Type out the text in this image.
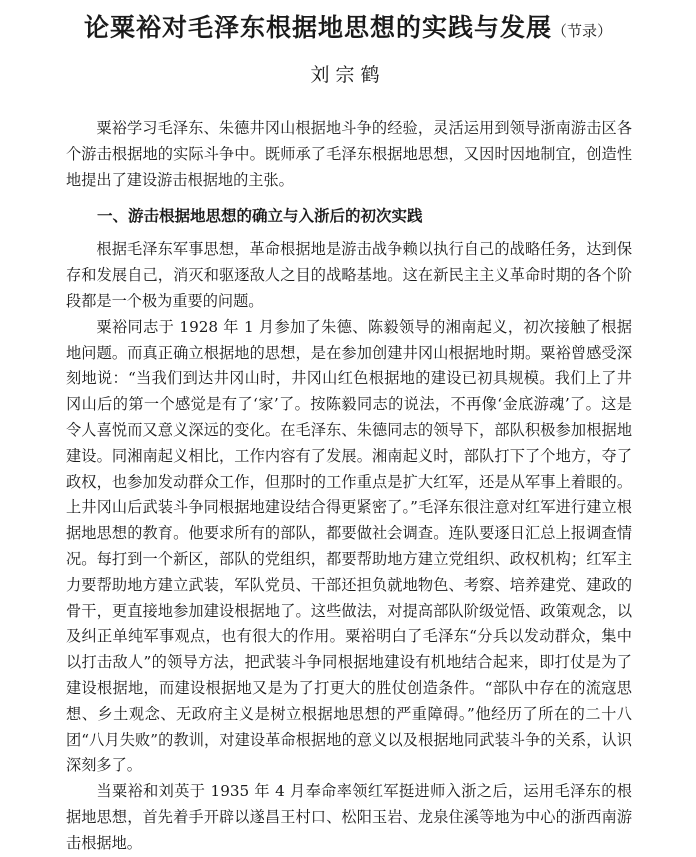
论粟裕对毛泽东根据地思想的实践与发展（节录）
刘宗鹤

粟裕学习毛泽东、朱德井冈山根据地斗争的经验，灵活运用到领导浙南游击区各个游击根据地的实际斗争中。既师承了毛泽东根据地思想，又因时因地制宜，创造性地提出了建设游击根据地的主张。

一、游击根据地思想的确立与入浙后的初次实践

根据毛泽东军事思想，革命根据地是游击战争赖以执行自己的战略任务，达到保存和发展自己，消灭和驱逐敌人之目的战略基地。这在新民主主义革命时期的各个阶段都是一个极为重要的问题。

粟裕同志于 1928 年 1 月参加了朱德、陈毅领导的湘南起义，初次接触了根据地问题。而真正确立根据地的思想，是在参加创建井冈山根据地时期。粟裕曾感受深刻地说：“当我们到达井冈山时，井冈山红色根据地的建设已初具规模。我们上了井冈山后的第一个感觉是有了‘家’了。按陈毅同志的说法，不再像‘金底游魂’了。这是令人喜悦而又意义深远的变化。在毛泽东、朱德同志的领导下，部队积极参加根据地建设。同湘南起义相比，工作内容有了发展。湘南起义时，部队打下了个地方，夺了政权，也参加发动群众工作，但那时的工作重点是扩大红军，还是从军事上着眼的。上井冈山后武装斗争同根据地建设结合得更紧密了。”毛泽东很注意对红军进行建立根据地思想的教育。他要求所有的部队，都要做社会调查。连队要逐日汇总上报调查情况。每打到一个新区，部队的党组织，都要帮助地方建立党组织、政权机构；红军主力要帮助地方建立武装，军队党员、干部还担负就地物色、考察、培养建党、建政的骨干，更直接地参加建设根据地了。这些做法，对提高部队阶级觉悟、政策观念，以及纠正单纯军事观点，也有很大的作用。粟裕明白了毛泽东“分兵以发动群众，集中以打击敌人”的领导方法，把武装斗争同根据地建设有机地结合起来，即打仗是为了建设根据地，而建设根据地又是为了打更大的胜仗创造条件。“部队中存在的流寇思想、乡土观念、无政府主义是树立根据地思想的严重障碍。”他经历了所在的二十八团“八月失败”的教训，对建设革命根据地的意义以及根据地同武装斗争的关系，认识深刻多了。

当粟裕和刘英于 1935 年 4 月奉命率领红军挺进师入浙之后，运用毛泽东的根据地思想，首先着手开辟以遂昌王村口、松阳玉岩、龙泉住溪等地为中心的浙西南游击根据地。
